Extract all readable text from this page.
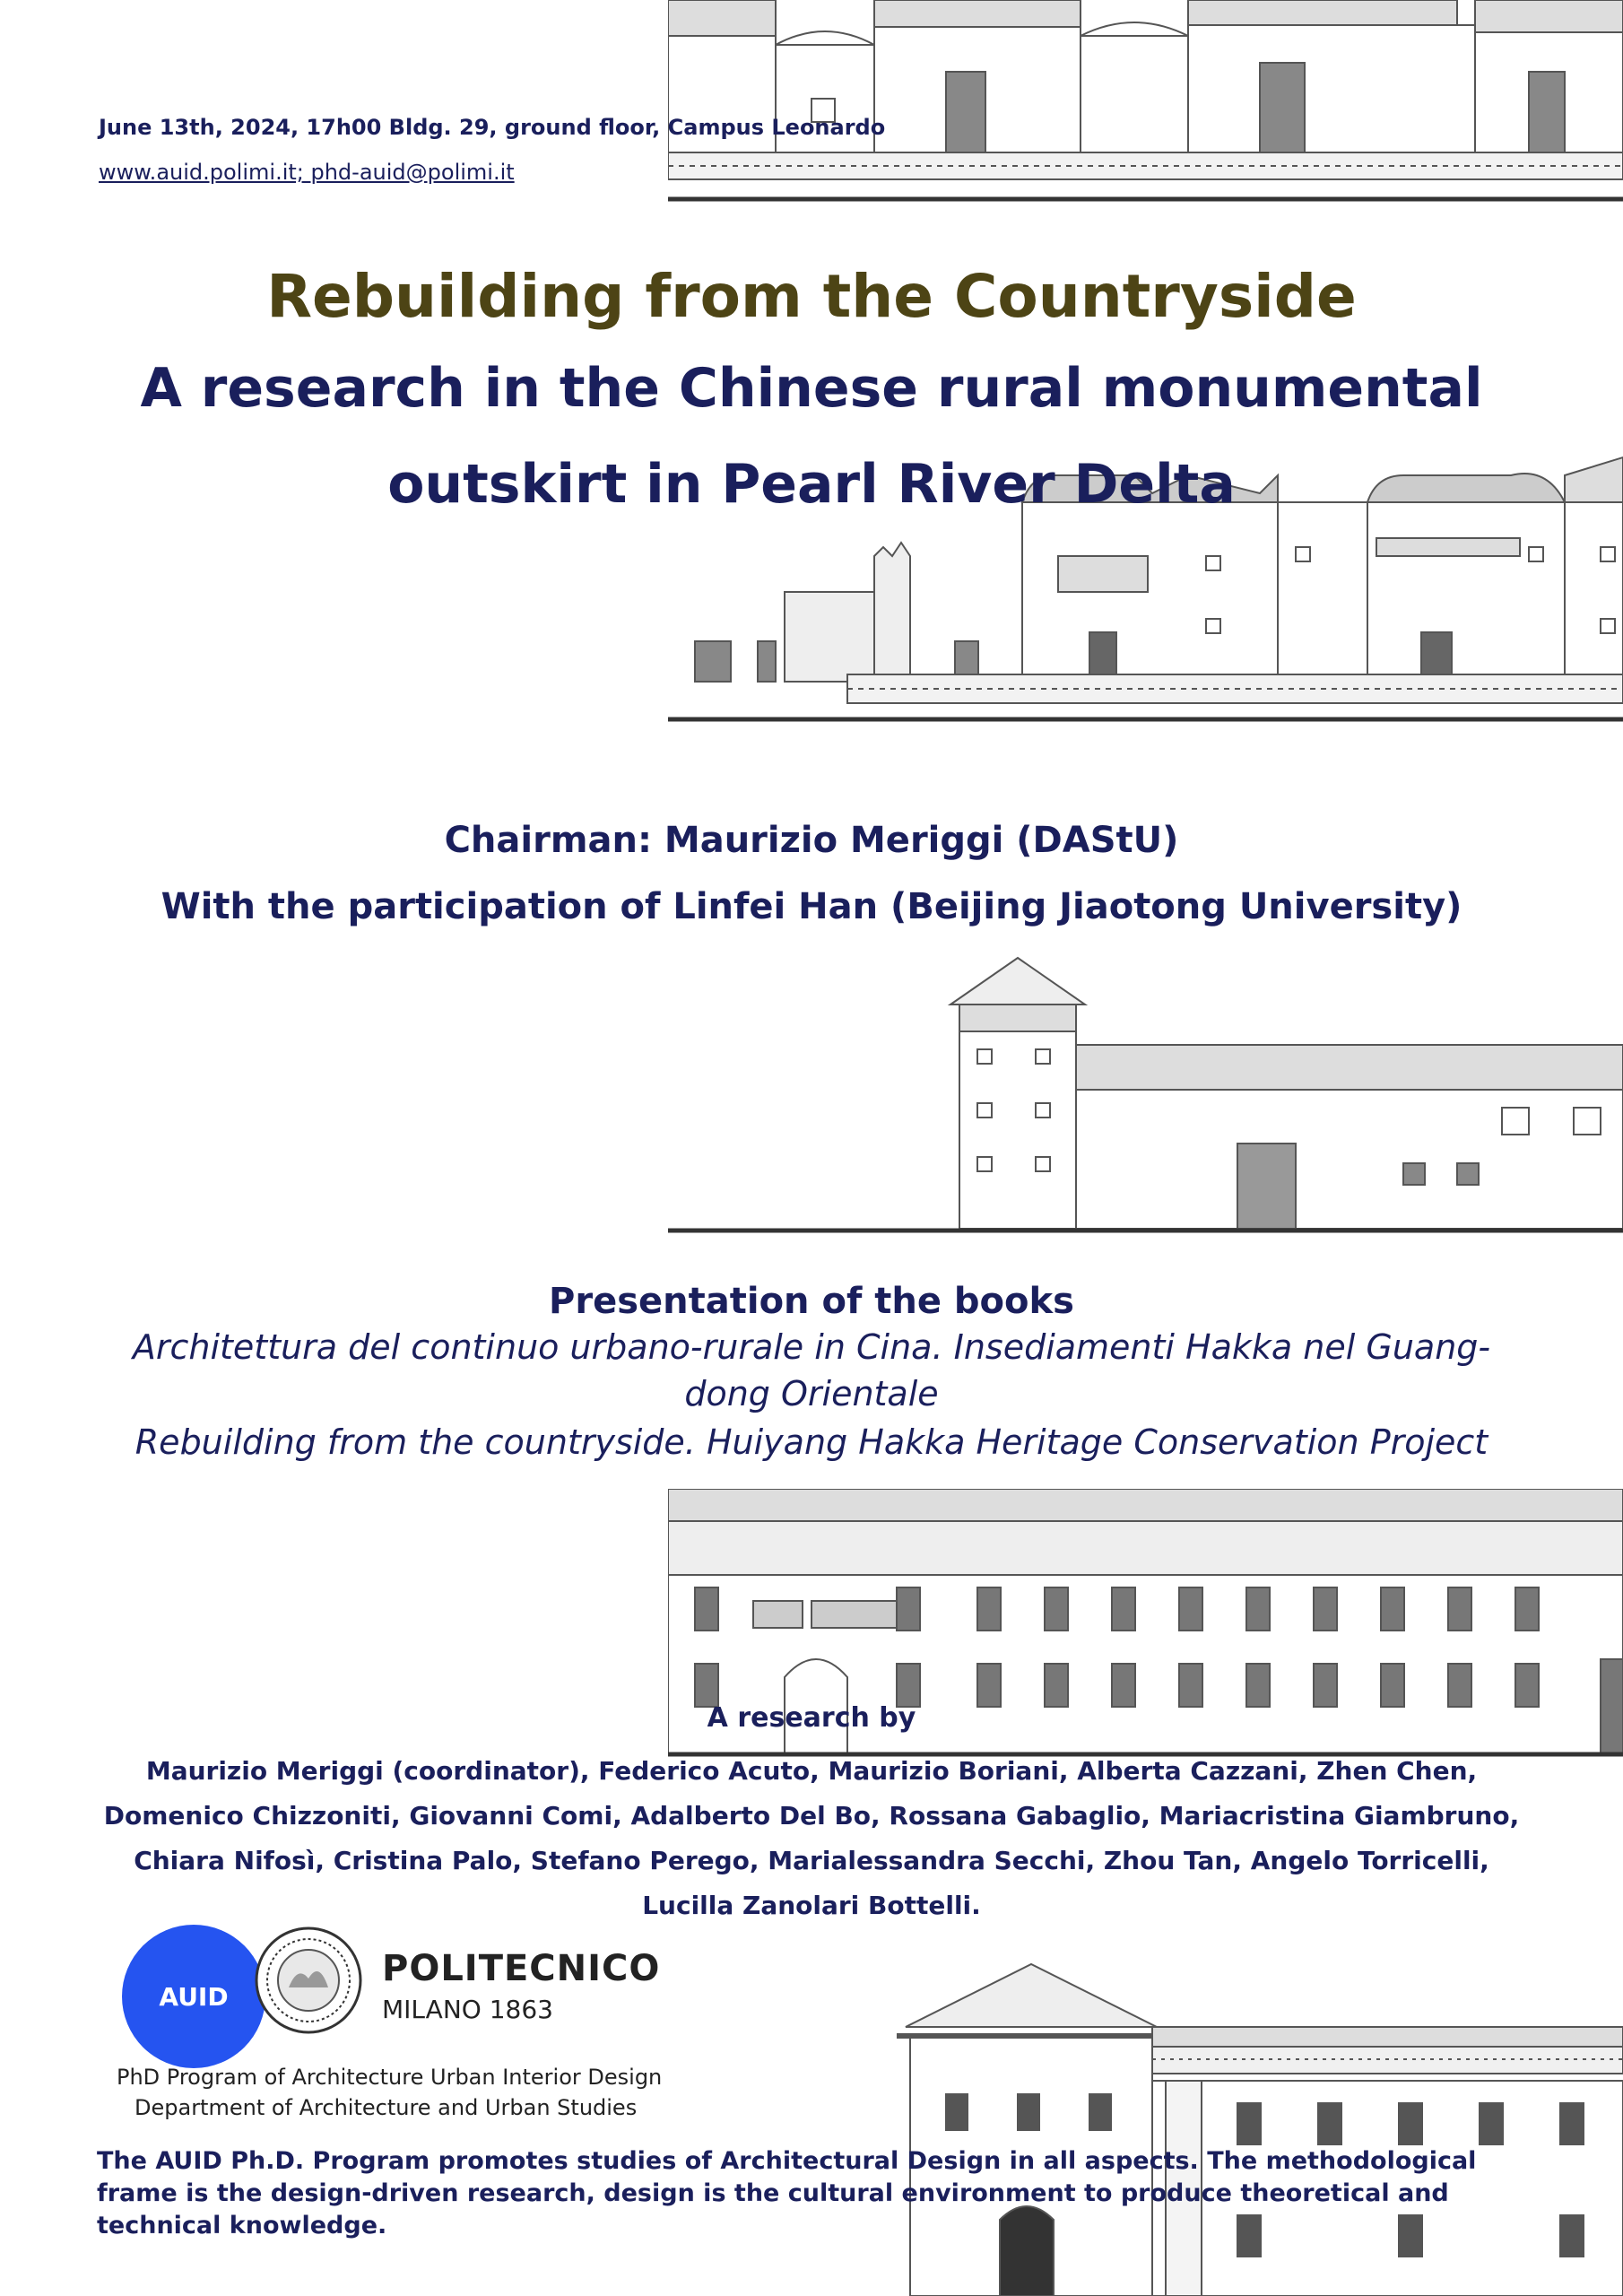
June 13th, 2024, 17h00 Bldg. 29, ground floor, Campus Leonardo
www.auid.polimi.it; phd-auid@polimi.it
Rebuilding from the Countryside
A research in the Chinese rural monumental
outskirt in Pearl River Delta
Chairman: Maurizio Meriggi (DAStU)
With the participation of Linfei Han (Beijing Jiaotong University)
Presentation of the books
Architettura del continuo urbano-rurale in Cina. Insediamenti Hakka nel Guang-
dong Orientale
Rebuilding from the countryside. Huiyang Hakka Heritage Conservation Project
A research by
Maurizio Meriggi (coordinator), Federico Acuto, Maurizio Boriani, Alberta Cazzani, Zhen Chen, Domenico Chizzoniti, Giovanni Comi, Adalberto Del Bo, Rossana Gabaglio, Mariacristina Giambruno, Chiara Nifosì, Cristina Palo, Stefano Perego, Marialessandra Secchi, Zhou Tan, Angelo Torricelli, Lucilla Zanolari Bottelli.
AUID
POLITECNICO
MILANO 1863
PhD Program of Architecture Urban Interior Design
Department of Architecture and Urban Studies
The AUID Ph.D. Program promotes studies of Architectural Design in all aspects. The methodological frame is the design-driven research, design is the cultural environment to produce theoretical and technical knowledge.
